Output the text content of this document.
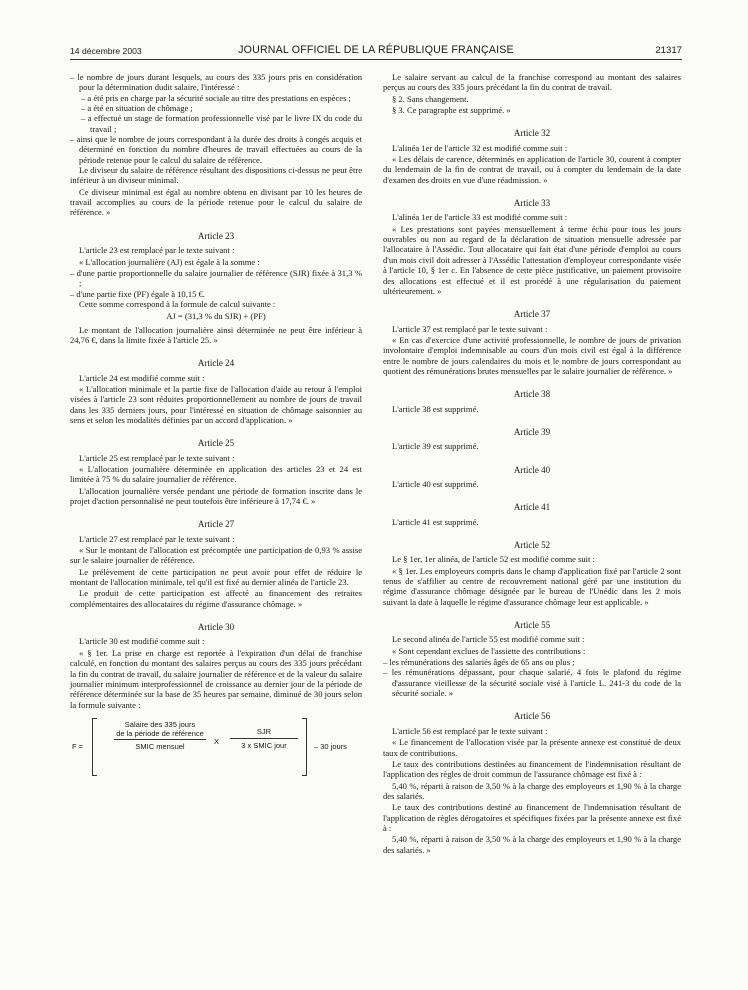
14 décembre 2003	JOURNAL OFFICIEL DE LA RÉPUBLIQUE FRANÇAISE	21317

– le nombre de jours durant lesquels, au cours des 335 jours pris en considération pour la détermination dudit salaire, l'intéressé :

– a été pris en charge par la sécurité sociale au titre des prestations en espèces ;

– a été en situation de chômage ;

– a effectué un stage de formation professionnelle visé par le livre IX du code du travail ;

– ainsi que le nombre de jours correspondant à la durée des droits à congés acquis et déterminé en fonction du nombre d'heures de travail effectuées au cours de la période retenue pour le calcul du salaire de référence.

Le diviseur du salaire de référence résultant des dispositions ci-dessus ne peut être inférieur à un diviseur minimal.

Ce diviseur minimal est égal au nombre obtenu en divisant par 10 les heures de travail accomplies au cours de la période retenue pour le calcul du salaire de référence. »

Article 23

L'article 23 est remplacé par le texte suivant :

« L'allocation journalière (AJ) est égale à la somme :

– d'une partie proportionnelle du salaire journalier de référence (SJR) fixée à 31,3 % ;

– d'une partie fixe (PF) égale à 10,15 €.

Cette somme correspond à la formule de calcul suivante :

AJ = (31,3 % du SJR) + (PF)

Le montant de l'allocation journalière ainsi déterminée ne peut être inférieur à 24,76 €, dans la limite fixée à l'article 25. »

Article 24

L'article 24 est modifié comme suit :

« L'allocation minimale et la partie fixe de l'allocation d'aide au retour à l'emploi visées à l'article 23 sont réduites proportionnellement au nombre de jours de travail dans les 335 derniers jours, pour l'intéressé en situation de chômage saisonnier au sens et selon les modalités définies par un accord d'application. »

Article 25

L'article 25 est remplacé par le texte suivant :

« L'allocation journalière déterminée en application des articles 23 et 24 est limitée à 75 % du salaire journalier de référence.

L'allocation journalière versée pendant une période de formation inscrite dans le projet d'action personnalisé ne peut toutefois être inférieure à 17,74 €. »

Article 27

L'article 27 est remplacé par le texte suivant :

« Sur le montant de l'allocation est précomptée une participation de 0,93 % assise sur le salaire journalier de référence.

Le prélèvement de cette participation ne peut avoir pour effet de réduire le montant de l'allocation minimale, tel qu'il est fixé au dernier alinéa de l'article 23.

Le produit de cette participation est affecté au financement des retraites complémentaires des allocataires du régime d'assurance chômage. »

Article 30

L'article 30 est modifié comme suit :

« § 1er. La prise en charge est reportée à l'expiration d'un délai de franchise calculé, en fonction du montant des salaires perçus au cours des 335 jours précédant la fin du contrat de travail, du salaire journalier de référence et de la valeur du salaire journalier minimum interprofessionnel de croissance au dernier jour de la période de référence déterminée sur la base de 35 heures par semaine, diminué de 30 jours selon la formule suivante :

F =
Salaire des 335 jours
de la période de référence
SMIC mensuel
X
SJR
3 x SMIC jour	– 30 jours

Le salaire servant au calcul de la franchise correspond au montant des salaires perçus au cours des 335 jours précédant la fin du contrat de travail.

§ 2. Sans changement.

§ 3. Ce paragraphe est supprimé. »

Article 32

L'alinéa 1er de l'article 32 est modifié comme suit :

« Les délais de carence, déterminés en application de l'article 30, courent à compter du lendemain de la fin de contrat de travail, ou à compter du lendemain de la date d'examen des droits en vue d'une réadmission. »

Article 33

L'alinéa 1er de l'article 33 est modifié comme suit :

« Les prestations sont payées mensuellement à terme échu pour tous les jours ouvrables ou non au regard de la déclaration de situation mensuelle adressée par l'allocataire à l'Assédic. Tout allocataire qui fait état d'une période d'emploi au cours d'un mois civil doit adresser à l'Assédic l'attestation d'employeur correspondante visée à l'article 10, § 1er c. En l'absence de cette pièce justificative, un paiement provisoire des allocations est effectué et il est procédé à une régularisation du paiement ultérieurement. »

Article 37

L'article 37 est remplacé par le texte suivant :

« En cas d'exercice d'une activité professionnelle, le nombre de jours de privation involontaire d'emploi indemnisable au cours d'un mois civil est égal à la différence entre le nombre de jours calendaires du mois et le nombre de jours correspondant au quotient des rémunérations brutes mensuelles par le salaire journalier de référence. »

Article 38

L'article 38 est supprimé.

Article 39

L'article 39 est supprimé.

Article 40

L'article 40 est supprimé.

Article 41

L'article 41 est supprimé.

Article 52

Le § 1er, 1er alinéa, de l'article 52 est modifié comme suit :

« § 1er. Les employeurs compris dans le champ d'application fixé par l'article 2 sont tenus de s'affilier au centre de recouvrement national géré par une institution du régime d'assurance chômage désignée par le bureau de l'Unédic dans les 2 mois suivant la date à laquelle le régime d'assurance chômage leur est applicable. »

Article 55

Le second alinéa de l'article 55 est modifié comme suit :

« Sont cependant exclues de l'assiette des contributions :

– les rémunérations des salariés âgés de 65 ans ou plus ;

– les rémunérations dépassant, pour chaque salarié, 4 fois le plafond du régime d'assurance vieillesse de la sécurité sociale visé à l'article L. 241-3 du code de la sécurité sociale. »

Article 56

L'article 56 est remplacé par le texte suivant :

« Le financement de l'allocation visée par la présente annexe est constitué de deux taux de contributions.

Le taux des contributions destinées au financement de l'indemnisation résultant de l'application des règles de droit commun de l'assurance chômage est fixé à :

5,40 %, réparti à raison de 3,50 % à la charge des employeurs et 1,90 % à la charge des salariés.

Le taux des contributions destiné au financement de l'indemnisation résultant de l'application de règles dérogatoires et spécifiques fixées par la présente annexe est fixé à :

5,40 %, réparti à raison de 3,50 % à la charge des employeurs et 1,90 % à la charge des salariés. »
